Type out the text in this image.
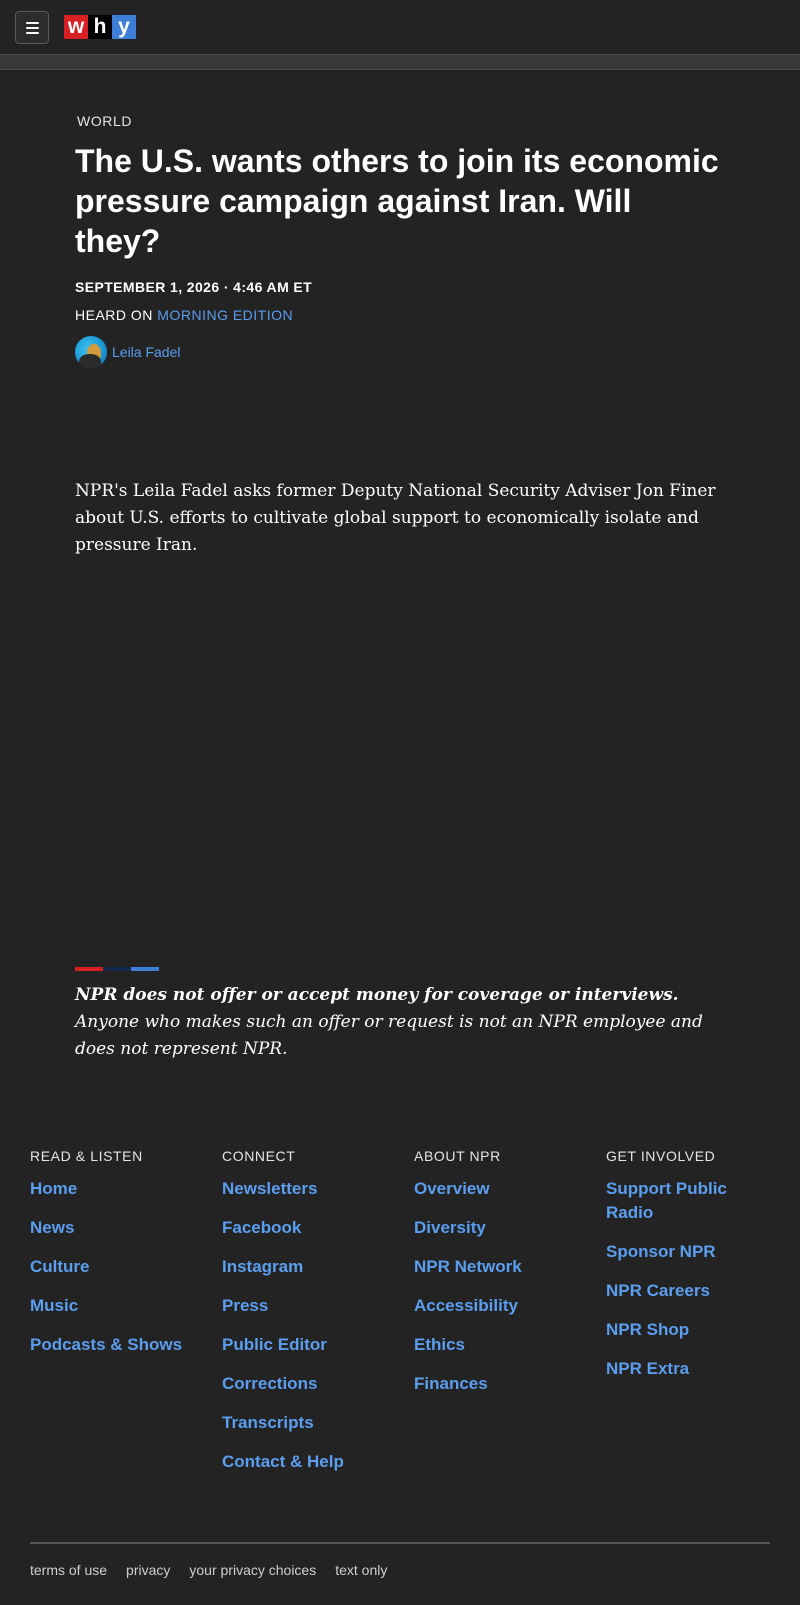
w h y
WORLD
The U.S. wants others to join its economic pressure campaign against Iran. Will they?
SEPTEMBER 1, 2026 · 4:46 AM ET
HEARD ON MORNING EDITION
Leila Fadel

NPR's Leila Fadel asks former Deputy National Security Adviser Jon Finer about U.S. efforts to cultivate global support to economically isolate and pressure Iran.

NPR does not offer or accept money for coverage or interviews. Anyone who makes such an offer or request is not an NPR employee and does not represent NPR.

READ & LISTEN
Home
News
Culture
Music
Podcasts & Shows
CONNECT
Newsletters
Facebook
Instagram
Press
Public Editor
Corrections
Transcripts
Contact & Help
ABOUT NPR
Overview
Diversity
NPR Network
Accessibility
Ethics
Finances
GET INVOLVED
Support Public Radio
Sponsor NPR
NPR Careers
NPR Shop
NPR Extra
terms of use privacy your privacy choices text only
